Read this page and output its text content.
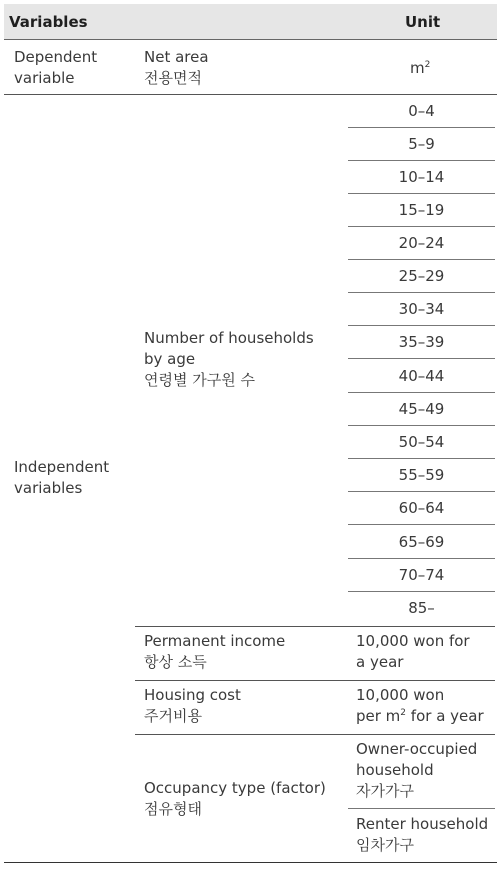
Variables	Unit
Dependent
variable
Net area
전용면적
$m^2$
Independent
variables
Number of households
by age
연령별 가구원 수
0–4
5–9
10–14
15–19
20–24
25–29
30–34
35–39
40–44
45–49
50–54
55–59
60–64
65–69
70–74
85–
Permanent income
항상 소득
10,000 won for
a year
Housing cost
주거비용
10,000 won
per $m^2$ for a year
Occupancy type (factor)
점유형태
Owner-occupied
household
자가가구
Renter household
임차가구
